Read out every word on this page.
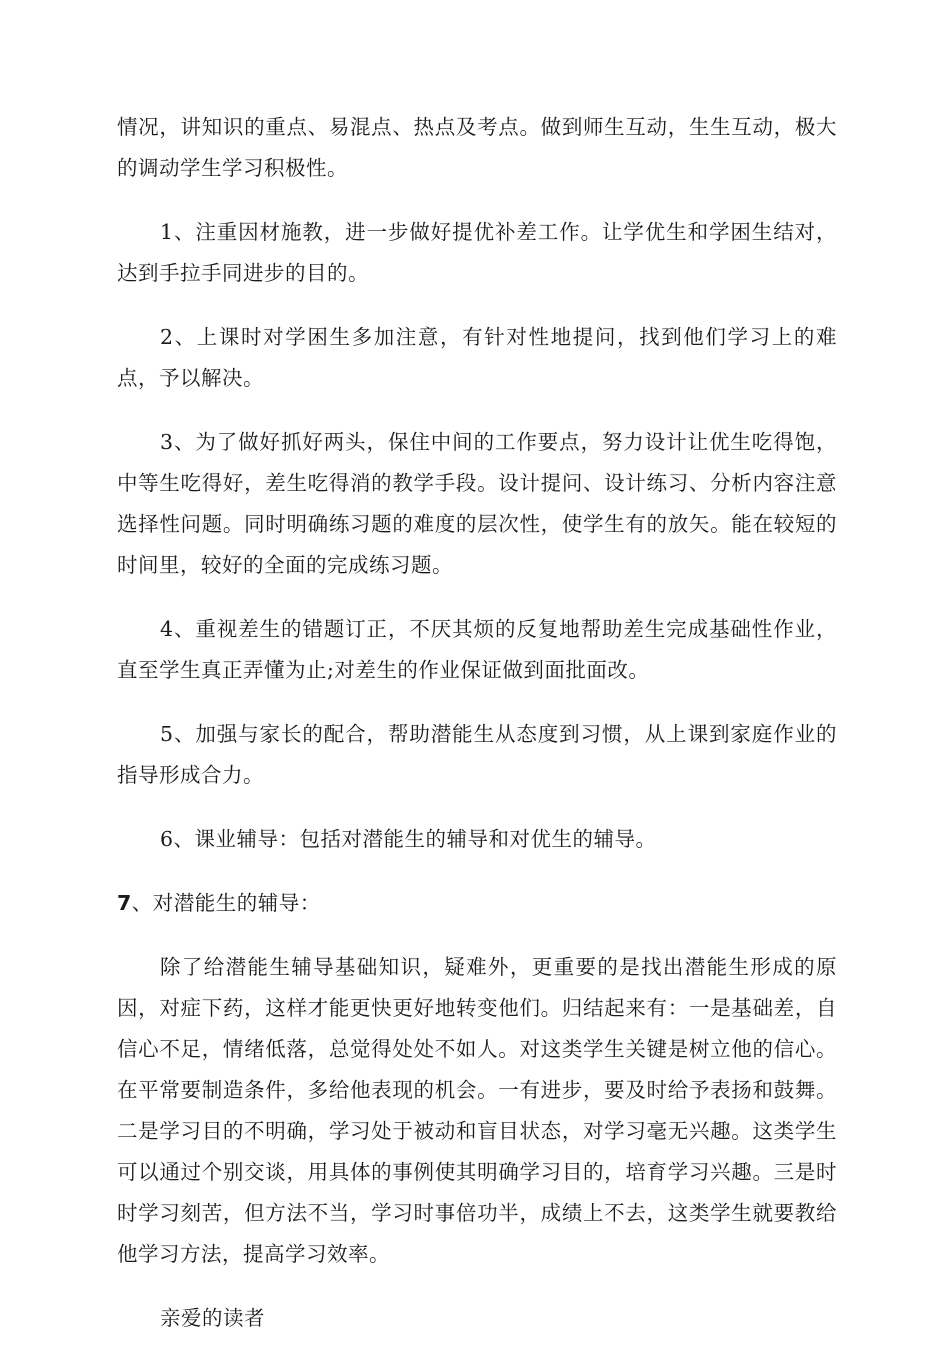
情况，讲知识的重点、易混点、热点及考点。做到师生互动，生生互动，极大的调动学生学习积极性。

1、注重因材施教，进一步做好提优补差工作。让学优生和学困生结对，达到手拉手同进步的目的。

2、上课时对学困生多加注意，有针对性地提问，找到他们学习上的难点，予以解决。

3、为了做好抓好两头，保住中间的工作要点，努力设计让优生吃得饱，中等生吃得好，差生吃得消的教学手段。设计提问、设计练习、分析内容注意选择性问题。同时明确练习题的难度的层次性，使学生有的放矢。能在较短的时间里，较好的全面的完成练习题。

4、重视差生的错题订正，不厌其烦的反复地帮助差生完成基础性作业，直至学生真正弄懂为止;对差生的作业保证做到面批面改。

5、加强与家长的配合，帮助潜能生从态度到习惯，从上课到家庭作业的指导形成合力。

6、课业辅导：包括对潜能生的辅导和对优生的辅导。

7、对潜能生的辅导：

除了给潜能生辅导基础知识，疑难外，更重要的是找出潜能生形成的原因，对症下药，这样才能更快更好地转变他们。归结起来有：一是基础差，自信心不足，情绪低落，总觉得处处不如人。对这类学生关键是树立他的信心。在平常要制造条件，多给他表现的机会。一有进步，要及时给予表扬和鼓舞。二是学习目的不明确，学习处于被动和盲目状态，对学习毫无兴趣。这类学生可以通过个别交谈，用具体的事例使其明确学习目的，培育学习兴趣。三是时时学习刻苦，但方法不当，学习时事倍功半，成绩上不去，这类学生就要教给他学习方法，提高学习效率。

亲爱的读者
